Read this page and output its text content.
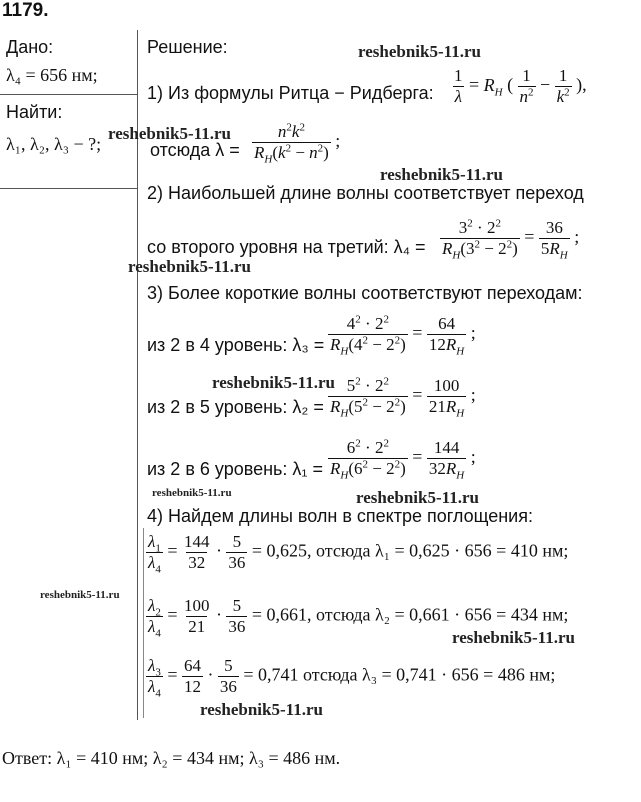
1179.
Дано:
λ₄ = 656 нм;
Найти:
λ₁, λ₂, λ₃ − ?;
Решение:
1) Из формулы Ритца − Ридберга: $\frac{1}{\lambda} = R_H$ ( $\frac{1}{n^2} - \frac{1}{k^2}$ ),
отсюда $\lambda = \frac{n^2k^2}{R_H(k^2 - n^2)}$ ;
2) Наибольшей длине волны соответствует переход
со второго уровня на третий: $\lambda_4 = \frac{3^2 \cdot 2^2}{R_H(3^2 - 2^2)} = \frac{36}{5R_H}$ ;
3) Более короткие волны соответствуют переходам:
из 2 в 4 уровень: $\lambda_3 = \frac{4^2 \cdot 2^2}{R_H(4^2 - 2^2)} = \frac{64}{12R_H}$ ;
из 2 в 5 уровень: $\lambda_2 = \frac{5^2 \cdot 2^2}{R_H(5^2 - 2^2)} = \frac{100}{21R_H}$ ;
из 2 в 6 уровень: $\lambda_1 = \frac{6^2 \cdot 2^2}{R_H(6^2 - 2^2)} = \frac{144}{32R_H}$ ;
4) Найдем длины волн в спектре поглощения:
$\frac{\lambda_1}{\lambda_4} = \frac{144}{32} \cdot \frac{5}{36} = 0,625$, отсюда λ₁ = 0,625 · 656 = 410 нм;
$\frac{\lambda_2}{\lambda_4} = \frac{100}{21} \cdot \frac{5}{36} = 0,661$, отсюда λ₂ = 0,661 · 656 = 434 нм;
$\frac{\lambda_3}{\lambda_4} = \frac{64}{12} \cdot \frac{5}{36} = 0,741$ отсюда λ₃ = 0,741 · 656 = 486 нм;
Ответ: λ₁ = 410 нм; λ₂ = 434 нм; λ₃ = 486 нм.
reshebnik5-11.ru
reshebnik5-11.ru
reshebnik5-11.ru
reshebnik5-11.ru
reshebnik5-11.ru
reshebnik5-11.ru	reshebnik5-11.ru
reshebnik5-11.ru
reshebnik5-11.ru
reshebnik5-11.ru
